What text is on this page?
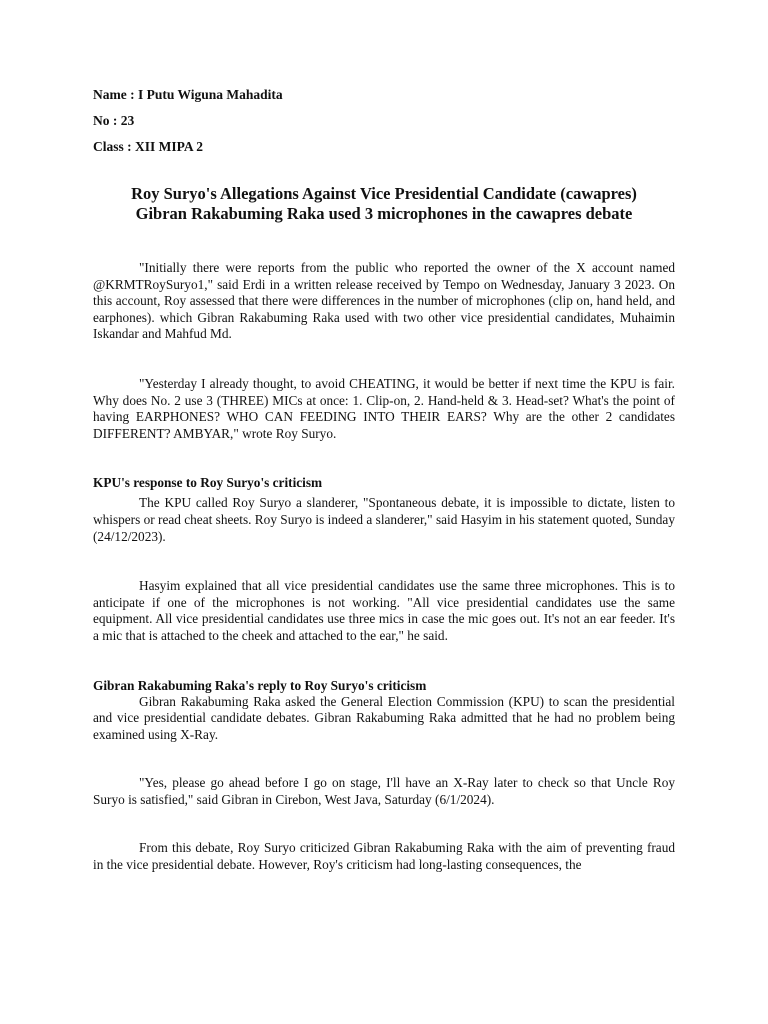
Name : I Putu Wiguna Mahadita

No : 23

Class : XII MIPA 2

Roy Suryo's Allegations Against Vice Presidential Candidate (cawapres)
Gibran Rakabuming Raka used 3 microphones in the cawapres debate

"Initially there were reports from the public who reported the owner of the X account named @KRMTRoySuryo1," said Erdi in a written release received by Tempo on Wednesday, January 3 2023. On this account, Roy assessed that there were differences in the number of microphones (clip on, hand held, and earphones). which Gibran Rakabuming Raka used with two other vice presidential candidates, Muhaimin Iskandar and Mahfud Md.

"Yesterday I already thought, to avoid CHEATING, it would be better if next time the KPU is fair. Why does No. 2 use 3 (THREE) MICs at once: 1. Clip-on, 2. Hand-held & 3. Head-set? What's the point of having EARPHONES? WHO CAN FEEDING INTO THEIR EARS? Why are the other 2 candidates DIFFERENT? AMBYAR," wrote Roy Suryo.

KPU's response to Roy Suryo's criticism

The KPU called Roy Suryo a slanderer, "Spontaneous debate, it is impossible to dictate, listen to whispers or read cheat sheets. Roy Suryo is indeed a slanderer," said Hasyim in his statement quoted, Sunday (24/12/2023).

Hasyim explained that all vice presidential candidates use the same three microphones. This is to anticipate if one of the microphones is not working. "All vice presidential candidates use the same equipment. All vice presidential candidates use three mics in case the mic goes out. It's not an ear feeder. It's a mic that is attached to the cheek and attached to the ear," he said.

Gibran Rakabuming Raka's reply to Roy Suryo's criticism

Gibran Rakabuming Raka asked the General Election Commission (KPU) to scan the presidential and vice presidential candidate debates. Gibran Rakabuming Raka admitted that he had no problem being examined using X-Ray.

"Yes, please go ahead before I go on stage, I'll have an X-Ray later to check so that Uncle Roy Suryo is satisfied," said Gibran in Cirebon, West Java, Saturday (6/1/2024).

From this debate, Roy Suryo criticized Gibran Rakabuming Raka with the aim of preventing fraud in the vice presidential debate. However, Roy's criticism had long-lasting consequences, the
